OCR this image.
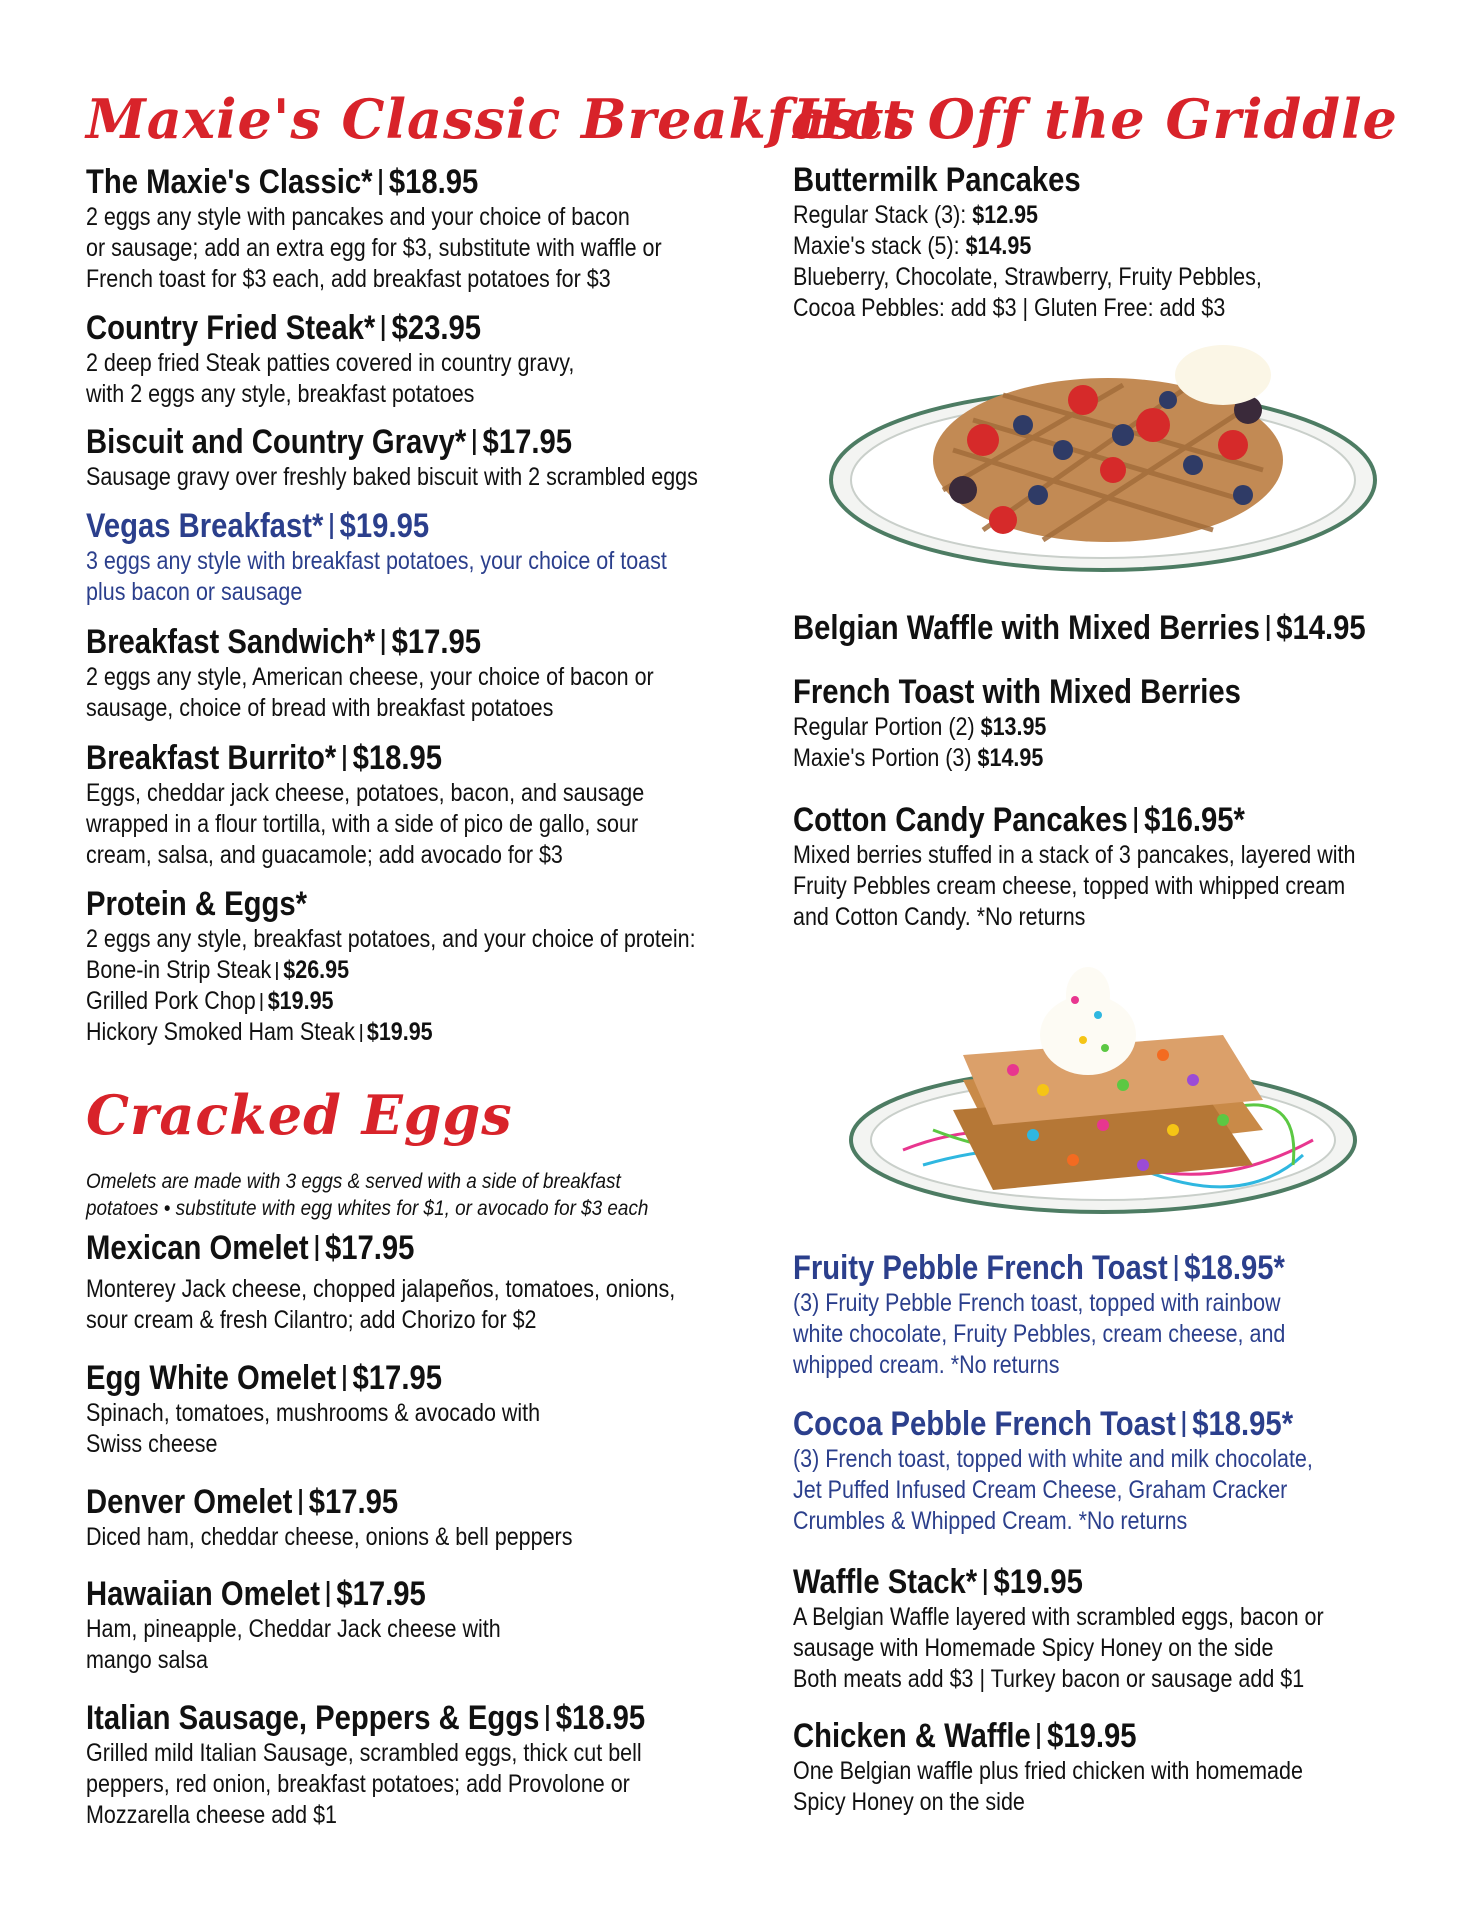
Maxie's Classic Breakfasts
The Maxie's Classic* $18.95
2 eggs any style with pancakes and your choice of bacon
or sausage; add an extra egg for $3, substitute with waffle or
French toast for $3 each, add breakfast potatoes for $3
Country Fried Steak* $23.95
2 deep fried Steak patties covered in country gravy,
with 2 eggs any style, breakfast potatoes
Biscuit and Country Gravy* $17.95
Sausage gravy over freshly baked biscuit with 2 scrambled eggs
Vegas Breakfast* $19.95
3 eggs any style with breakfast potatoes, your choice of toast
plus bacon or sausage
Breakfast Sandwich* $17.95
2 eggs any style, American cheese, your choice of bacon or
sausage, choice of bread with breakfast potatoes
Breakfast Burrito* $18.95
Eggs, cheddar jack cheese, potatoes, bacon, and sausage
wrapped in a flour tortilla, with a side of pico de gallo, sour
cream, salsa, and guacamole; add avocado for $3
Protein & Eggs*
2 eggs any style, breakfast potatoes, and your choice of protein:
Bone-in Strip Steak $26.95
Grilled Pork Chop $19.95
Hickory Smoked Ham Steak $19.95
Cracked Eggs
Omelets are made with 3 eggs & served with a side of breakfast
potatoes • substitute with egg whites for $1, or avocado for $3 each
Mexican Omelet $17.95
Monterey Jack cheese, chopped jalapeños, tomatoes, onions,
sour cream & fresh Cilantro; add Chorizo for $2
Egg White Omelet $17.95
Spinach, tomatoes, mushrooms & avocado with
Swiss cheese
Denver Omelet $17.95
Diced ham, cheddar cheese, onions & bell peppers
Hawaiian Omelet $17.95
Ham, pineapple, Cheddar Jack cheese with
mango salsa
Italian Sausage, Peppers & Eggs $18.95
Grilled mild Italian Sausage, scrambled eggs, thick cut bell
peppers, red onion, breakfast potatoes; add Provolone or
Mozzarella cheese add $1
Hot Off the Griddle
Buttermilk Pancakes
Regular Stack (3): $12.95
Maxie's stack (5): $14.95
Blueberry, Chocolate, Strawberry, Fruity Pebbles,
Cocoa Pebbles: add $3 | Gluten Free: add $3
Belgian Waffle with Mixed Berries $14.95
French Toast with Mixed Berries
Regular Portion (2) $13.95
Maxie's Portion (3) $14.95
Cotton Candy Pancakes $16.95*
Mixed berries stuffed in a stack of 3 pancakes, layered with
Fruity Pebbles cream cheese, topped with whipped cream
and Cotton Candy. *No returns
Fruity Pebble French Toast $18.95*
(3) Fruity Pebble French toast, topped with rainbow
white chocolate, Fruity Pebbles, cream cheese, and
whipped cream. *No returns
Cocoa Pebble French Toast $18.95*
(3) French toast, topped with white and milk chocolate,
Jet Puffed Infused Cream Cheese, Graham Cracker
Crumbles & Whipped Cream. *No returns
Waffle Stack* $19.95
A Belgian Waffle layered with scrambled eggs, bacon or
sausage with Homemade Spicy Honey on the side
Both meats add $3 | Turkey bacon or sausage add $1
Chicken & Waffle $19.95
One Belgian waffle plus fried chicken with homemade
Spicy Honey on the side
